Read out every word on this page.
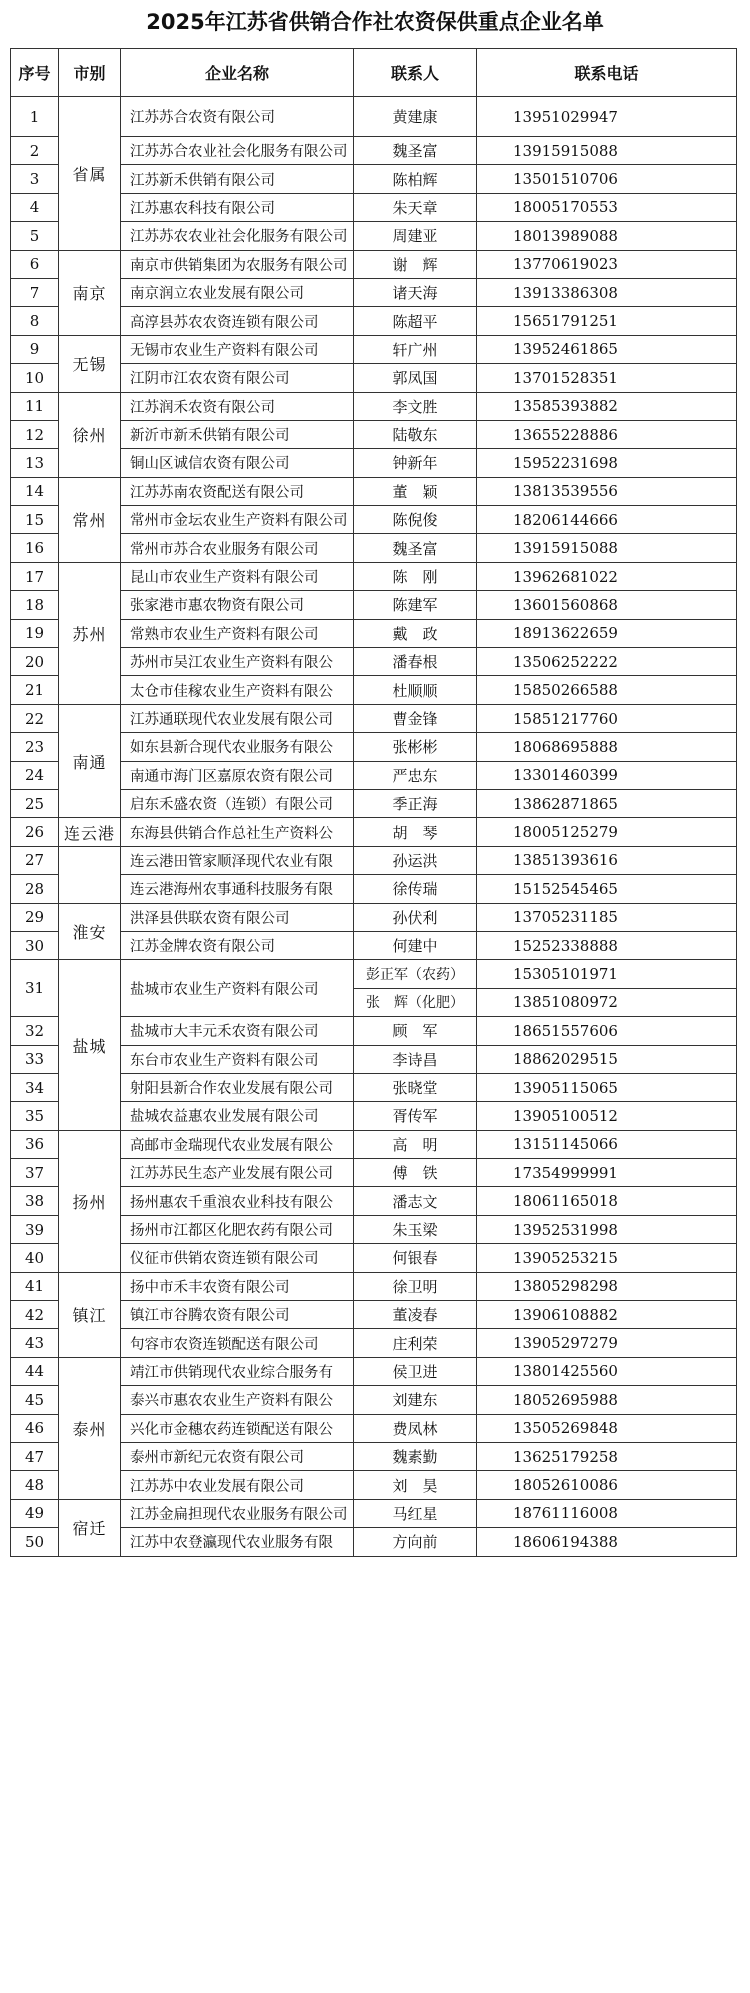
2025年江苏省供销合作社农资保供重点企业名单
序号	市别	企业名称	联系人	联系电话
1	省属	江苏苏合农资有限公司	黄建康	13951029947
2		江苏苏合农业社会化服务有限公司	魏圣富	13915915088
3		江苏新禾供销有限公司	陈柏辉	13501510706
4		江苏惠农科技有限公司	朱天章	18005170553
5		江苏苏农农业社会化服务有限公司	周建亚	18013989088
6	南京	南京市供销集团为农服务有限公司	谢　辉	13770619023
7		南京润立农业发展有限公司	诸天海	13913386308
8		高淳县苏农农资连锁有限公司	陈超平	15651791251
9	无锡	无锡市农业生产资料有限公司	轩广州	13952461865
10		江阴市江农农资有限公司	郭凤国	13701528351
11	徐州	江苏润禾农资有限公司	李文胜	13585393882
12		新沂市新禾供销有限公司	陆敬东	13655228886
13		铜山区诚信农资有限公司	钟新年	15952231698
14	常州	江苏苏南农资配送有限公司	董　颖	13813539556
15		常州市金坛农业生产资料有限公司	陈倪俊	18206144666
16		常州市苏合农业服务有限公司	魏圣富	13915915088
17	苏州	昆山市农业生产资料有限公司	陈　刚	13962681022
18		张家港市惠农物资有限公司	陈建军	13601560868
19		常熟市农业生产资料有限公司	戴　政	18913622659
20		苏州市吴江农业生产资料有限公	潘春根	13506252222
21		太仓市佳稼农业生产资料有限公	杜顺顺	15850266588
22	南通	江苏通联现代农业发展有限公司	曹金锋	15851217760
23		如东县新合现代农业服务有限公	张彬彬	18068695888
24		南通市海门区嘉原农资有限公司	严忠东	13301460399
25		启东禾盛农资（连锁）有限公司	季正海	13862871865
26	连云港	东海县供销合作总社生产资料公	胡　琴	18005125279
27		连云港田管家顺泽现代农业有限	孙运洪	13851393616
28		连云港海州农事通科技服务有限	徐传瑞	15152545465
29	淮安	洪泽县供联农资有限公司	孙伏利	13705231185
30		江苏金牌农资有限公司	何建中	15252338888
31	盐城	盐城市农业生产资料有限公司	彭正军（农药）	15305101971
			张　辉（化肥）	13851080972
32		盐城市大丰元禾农资有限公司	顾　军	18651557606
33		东台市农业生产资料有限公司	李诗昌	18862029515
34		射阳县新合作农业发展有限公司	张晓堂	13905115065
35		盐城农益惠农业发展有限公司	胥传军	13905100512
36	扬州	高邮市金瑞现代农业发展有限公	高　明	13151145066
37		江苏苏民生态产业发展有限公司	傅　铁	17354999991
38		扬州惠农千重浪农业科技有限公	潘志文	18061165018
39		扬州市江都区化肥农药有限公司	朱玉梁	13952531998
40		仪征市供销农资连锁有限公司	何银春	13905253215
41	镇江	扬中市禾丰农资有限公司	徐卫明	13805298298
42		镇江市谷腾农资有限公司	董凌春	13906108882
43		句容市农资连锁配送有限公司	庄利荣	13905297279
44	泰州	靖江市供销现代农业综合服务有	侯卫进	13801425560
45		泰兴市惠农农业生产资料有限公	刘建东	18052695988
46		兴化市金穗农药连锁配送有限公	费凤林	13505269848
47		泰州市新纪元农资有限公司	魏素勤	13625179258
48		江苏苏中农业发展有限公司	刘　昊	18052610086
49	宿迁	江苏金扁担现代农业服务有限公司	马红星	18761116008
50		江苏中农登瀛现代农业服务有限	方向前	18606194388
